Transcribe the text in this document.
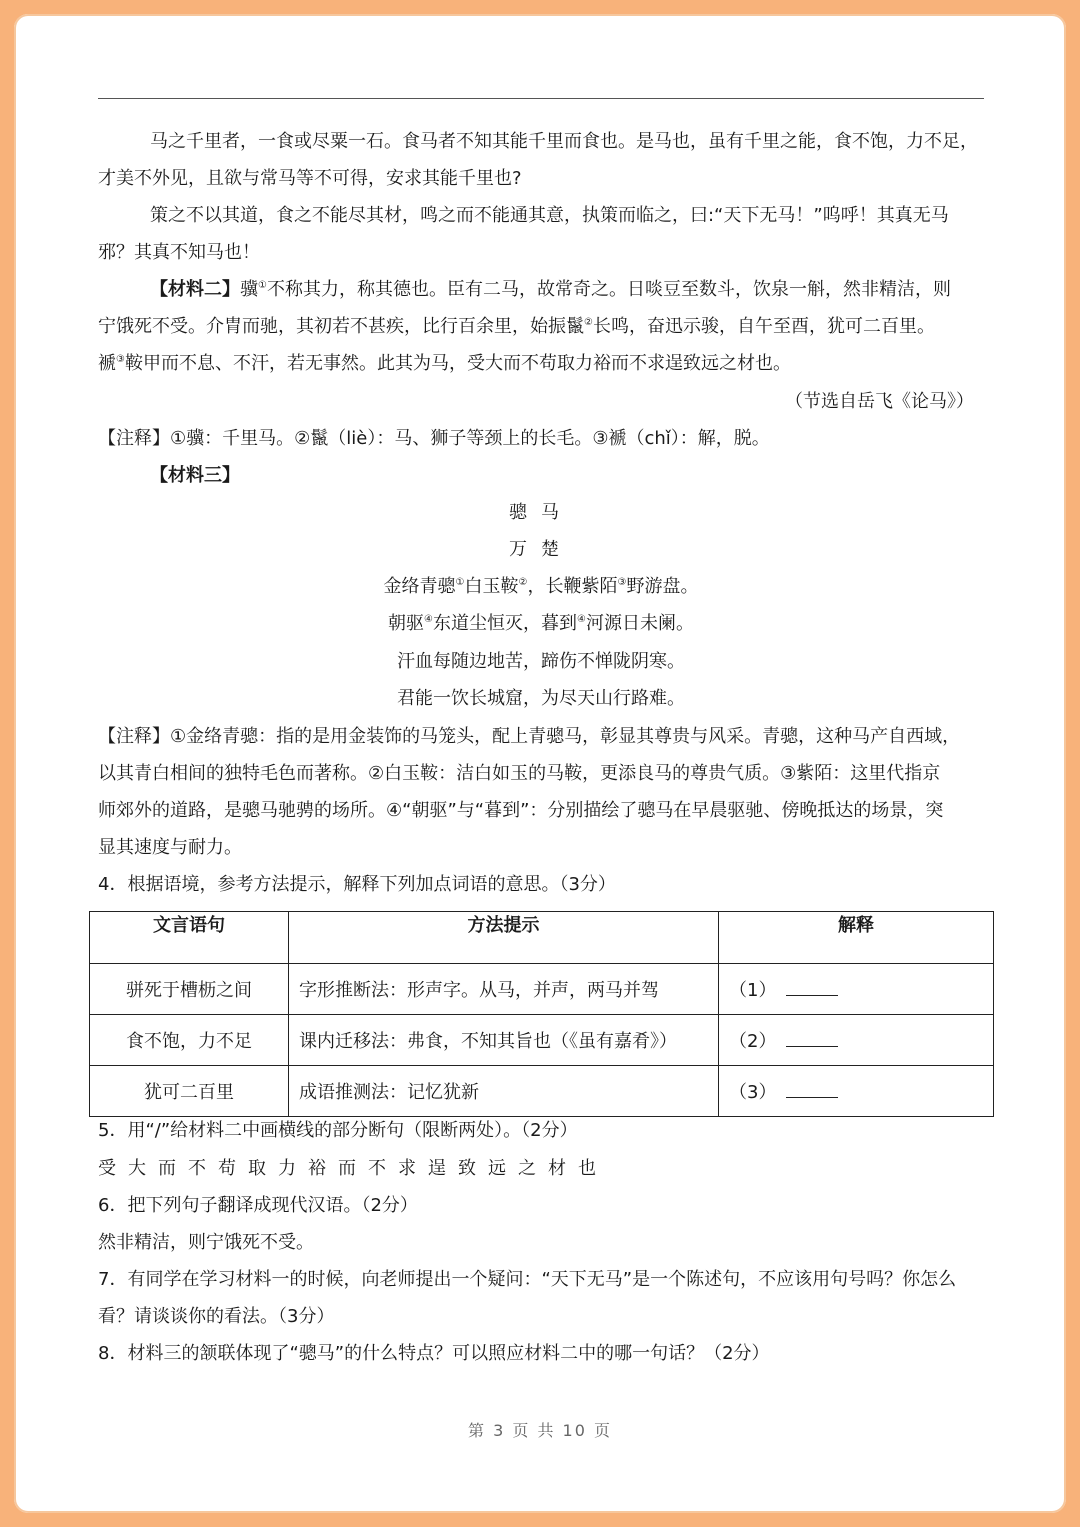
马之千里者，一食或尽粟一石。食马者不知其能千里而食也。是马也，虽有千里之能，食不饱，力不足，
才美不外见，且欲与常马等不可得，安求其能千里也?
策之不以其道，食之不能尽其材，鸣之而不能通其意，执策而临之，曰:“天下无马！”呜呼！其真无马
邪？其真不知马也！
【材料二】骥①不称其力，称其德也。臣有二马，故常奇之。日啖豆至数斗，饮泉一斛，然非精洁，则
宁饿死不受。介胄而驰，其初若不甚疾，比行百余里，始振鬣②长鸣，奋迅示骏，自午至酉，犹可二百里。
褫③鞍甲而不息、不汗，若无事然。此其为马，受大而不苟取力裕而不求逞致远之材也。
（节选自岳飞《论马》）
【注释】①骥：千里马。②鬣（liè）：马、狮子等颈上的长毛。③褫（chǐ）：解，脱。
【材料三】
骢马
万楚
金络青骢①白玉鞍②，长鞭紫陌③野游盘。
朝驱④东道尘恒灭，暮到④河源日未阑。
汗血每随边地苦，蹄伤不惮陇阴寒。
君能一饮长城窟，为尽天山行路难。
【注释】①金络青骢：指的是用金装饰的马笼头，配上青骢马，彰显其尊贵与风采。青骢，这种马产自西域，
以其青白相间的独特毛色而著称。②白玉鞍：洁白如玉的马鞍，更添良马的尊贵气质。③紫陌：这里代指京
师郊外的道路，是骢马驰骋的场所。④“朝驱”与“暮到”：分别描绘了骢马在早晨驱驰、傍晚抵达的场景，突
显其速度与耐力。
4．根据语境，参考方法提示，解释下列加点词语的意思。（3分）
文言语句	方法提示	解释

骈死于槽枥之间	字形推断法：形声字。从马，并声，两马并驾	（1）
食不饱，力不足	课内迁移法：弗食，不知其旨也（《虽有嘉肴》）	（2）
犹可二百里	成语推测法：记忆犹新	（3）
5．用“/”给材料二中画横线的部分断句（限断两处）。（2分）
受大而不苟取力裕而不求逞致远之材也
6．把下列句子翻译成现代汉语。（2分）
然非精洁，则宁饿死不受。
7．有同学在学习材料一的时候，向老师提出一个疑问：“天下无马”是一个陈述句，不应该用句号吗？你怎么
看？请谈谈你的看法。（3分）
8．材料三的颔联体现了“骢马”的什么特点？可以照应材料二中的哪一句话？（2分）
第 3 页 共 10 页
